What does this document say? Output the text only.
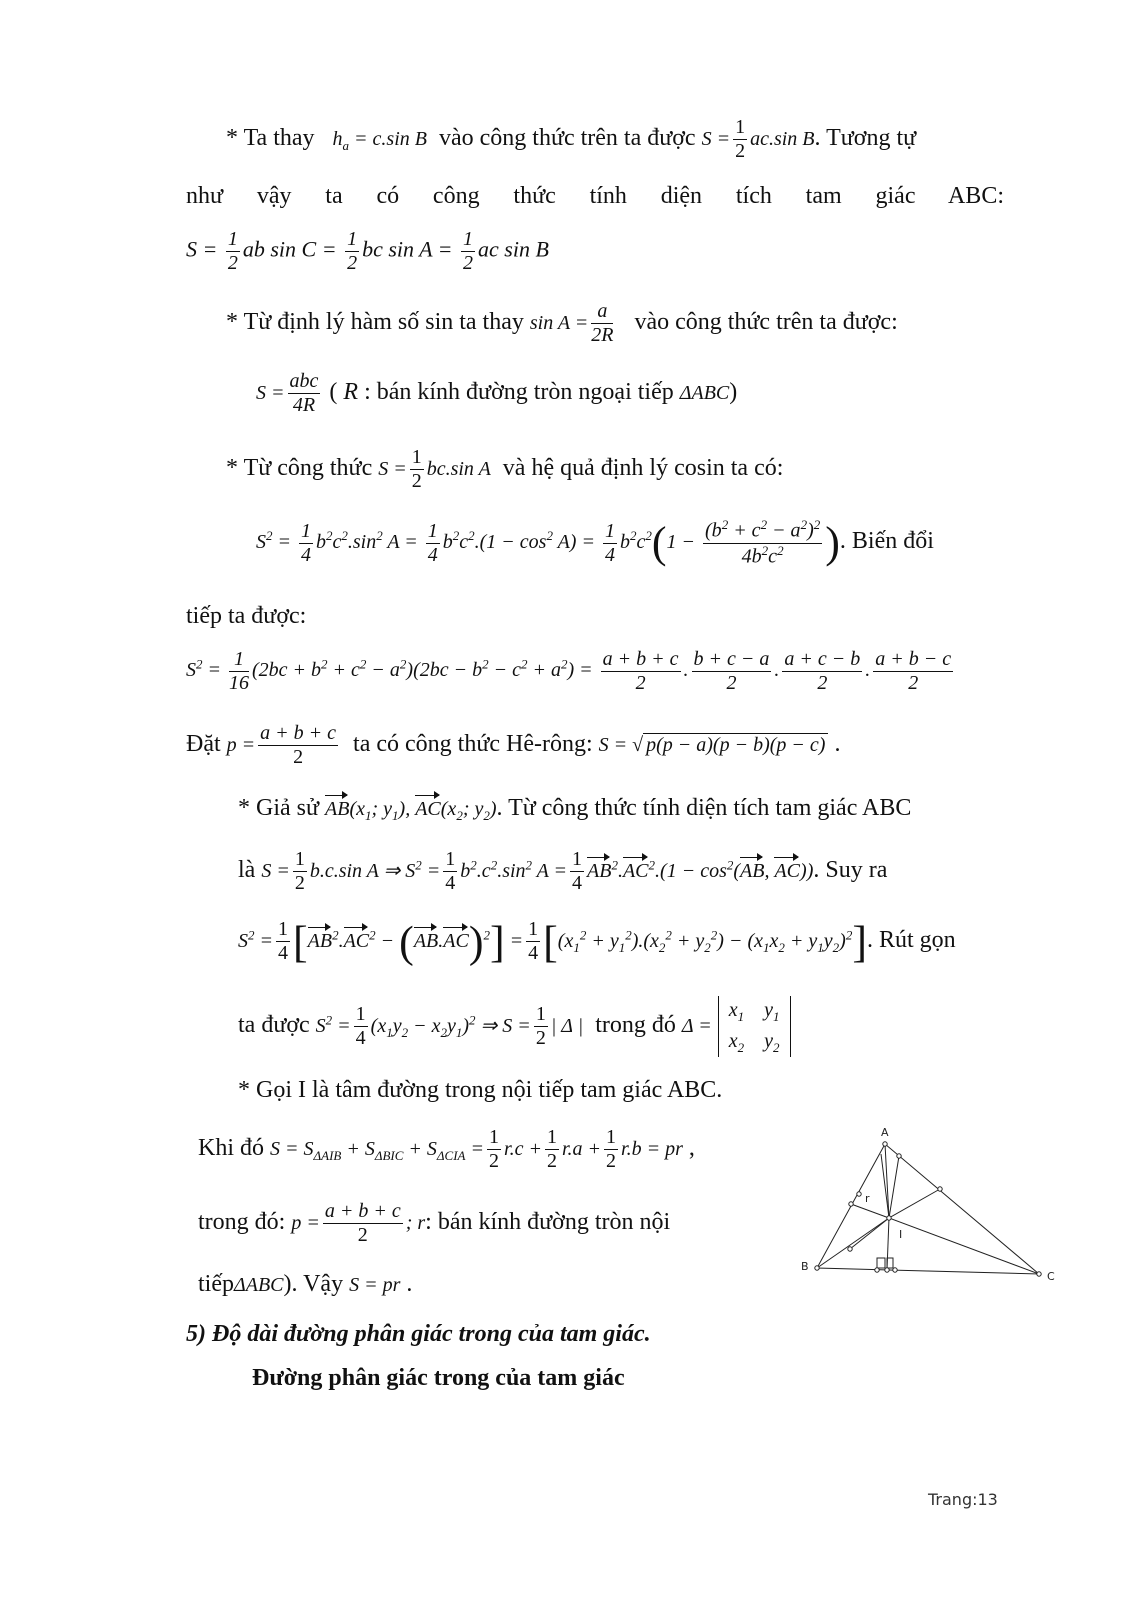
* Ta thay $h_a = c.\sin$ B vào công thức trên ta được $S = \frac{1}{2} ac.\sin$ B. Tương tự
như vậy ta có công thức tính diện tích tam giác ABC:
$S = \frac{1}{2}$ ab $\sin C = \frac{1}{2}$ bc $\sin A = \frac{1}{2}$ ac sin B
* Từ định lý hàm số sin ta thay $\sin A = \frac{a}{2R}$ vào công thức trên ta được:
$S = \frac{\text{abc}}{4R}$ ( R : bán kính đường tròn ngoại tiếp ΔABC)
* Từ công thức $S = \frac{1}{2} bc.\sin$ A và hệ quả định lý cosin ta có:
$S^2 = \frac{1}{4} b^2c^2.\sin^2$ $A = \frac{1}{4} b^2c^2.(1 - \cos^2 A) = \frac{1}{4} b^2c^2(1 - \frac{(b^2 + c^2 - a^2)^2}{4b^2c^2}$ ). Biến đổi
tiếp ta được:
$S^2 = \frac{1}{16} (2bc + b^2 + c^2 - a^2)(2bc - b^2 - c^2 + a^2) = \frac{a + b + c}{2}$ . $\frac{b + c - a}{2}$ . $\frac{a + c - b}{2}$ . $\frac{a + b - c}{2}$
Đặt $p = \frac{a + b + c}{2}$ ta có công thức Hê-rông: S = √ p(p − a)(p − b)(p − c) .
* Giả sử $AB(x_1$; $y_1$), $AC(x_2$; $y_2$). Từ công thức tính diện tích tam giác ABC
là $S = \frac{1}{2} b.c.\sin$ A ⇒ $S^2 = \frac{1}{4} b^2.c^2.\sin^2$ $A = \frac{1}{4} AB^2.AC^2.(1 - \cos^2(AB$, AC)). Suy ra
$S^2 = \frac{1}{4} [AB^2.AC^2 - (AB.AC)^2] = \frac{1}{4} [(x_1^2 + y_1^2).(x_2^2 + y_2^2) - (x_1x_2 + y_1y_2)^2]$. Rút gọn
ta được $S^2 = \frac{1}{4} (x_1y_2 - x_2y_1)^2$ ⇒ $S = \frac{1}{2}$ | Δ | trong đó $\Delta = x_1$	$y_1$
$x_2$	$y_2$
* Gọi I là tâm đường trong nội tiếp tam giác ABC.
Khi đó $S = S_{\Delta AIB} + S_{\Delta BIC} + S_{\Delta CIA} = \frac{1}{2} r.c + \frac{1}{2} r.a + \frac{1}{2} r.b$ = pr ,
trong đó: $p = \frac{a + b + c}{2}$ ; r: bán kính đường tròn nội
tiếpΔABC). Vậy S = pr .
A
B
C
I
r
5) Độ dài đường phân giác trong của tam giác.
Đường phân giác trong của tam giác
Trang:13
